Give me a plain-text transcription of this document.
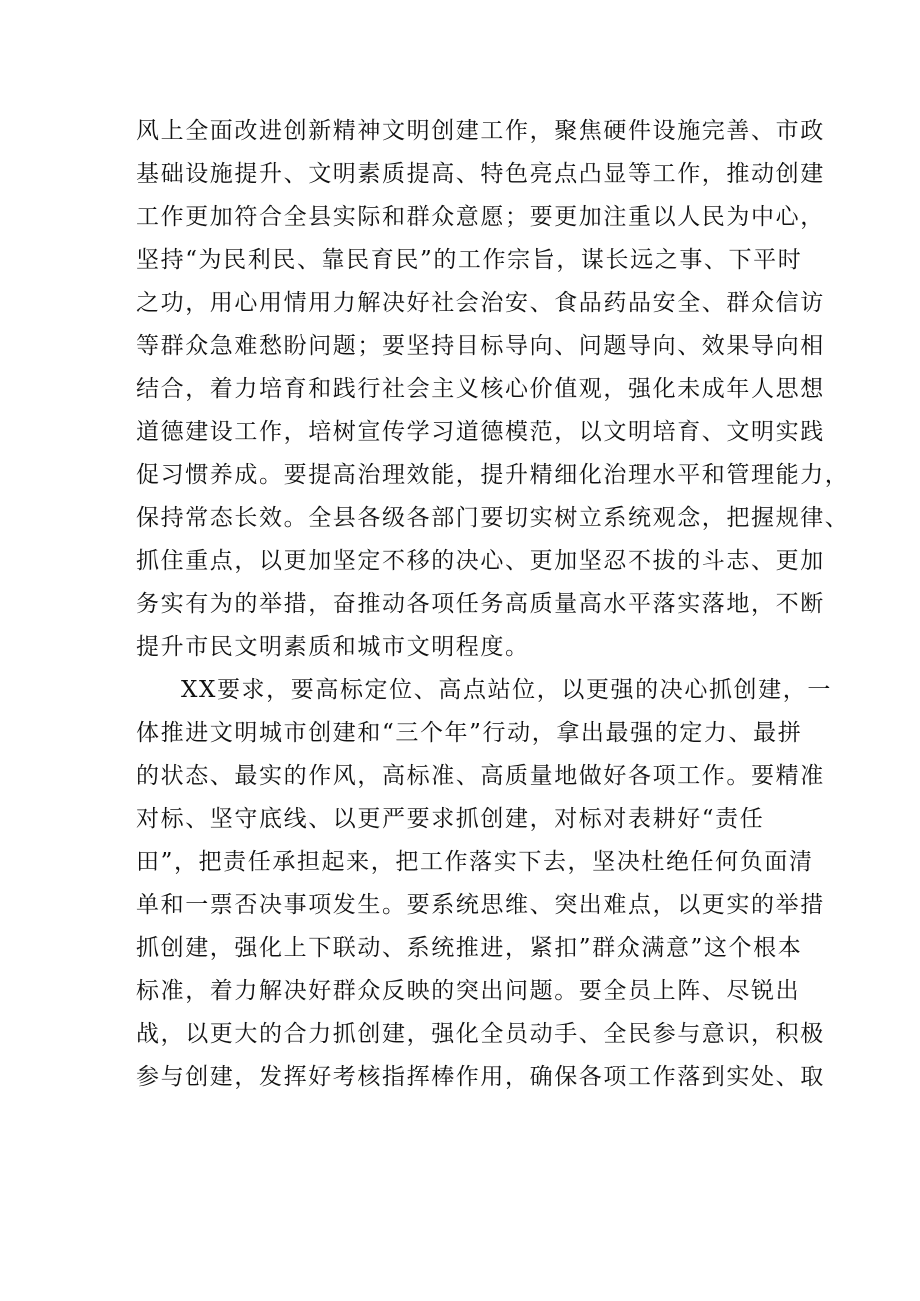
风上全面改进创新精神文明创建工作，聚焦硬件设施完善、市政
基础设施提升、文明素质提高、特色亮点凸显等工作，推动创建
工作更加符合全县实际和群众意愿；要更加注重以人民为中心，
坚持“为民利民、靠民育民”的工作宗旨，谋长远之事、下平时
之功，用心用情用力解决好社会治安、食品药品安全、群众信访
等群众急难愁盼问题；要坚持目标导向、问题导向、效果导向相
结合，着力培育和践行社会主义核心价值观，强化未成年人思想
道德建设工作，培树宣传学习道德模范，以文明培育、文明实践
促习惯养成。要提高治理效能，提升精细化治理水平和管理能力，
保持常态长效。全县各级各部门要切实树立系统观念，把握规律、
抓住重点，以更加坚定不移的决心、更加坚忍不拔的斗志、更加
务实有为的举措，奋推动各项任务高质量高水平落实落地，不断
提升市民文明素质和城市文明程度。
XX要求，要高标定位、高点站位，以更强的决心抓创建，一
体推进文明城市创建和“三个年”行动，拿出最强的定力、最拼
的状态、最实的作风，高标准、高质量地做好各项工作。要精准
对标、坚守底线、以更严要求抓创建，对标对表耕好“责任
田”，把责任承担起来，把工作落实下去，坚决杜绝任何负面清
单和一票否决事项发生。要系统思维、突出难点，以更实的举措
抓创建，强化上下联动、系统推进，紧扣”群众满意”这个根本
标准，着力解决好群众反映的突出问题。要全员上阵、尽锐出
战，以更大的合力抓创建，强化全员动手、全民参与意识，积极
参与创建，发挥好考核指挥棒作用，确保各项工作落到实处、取
